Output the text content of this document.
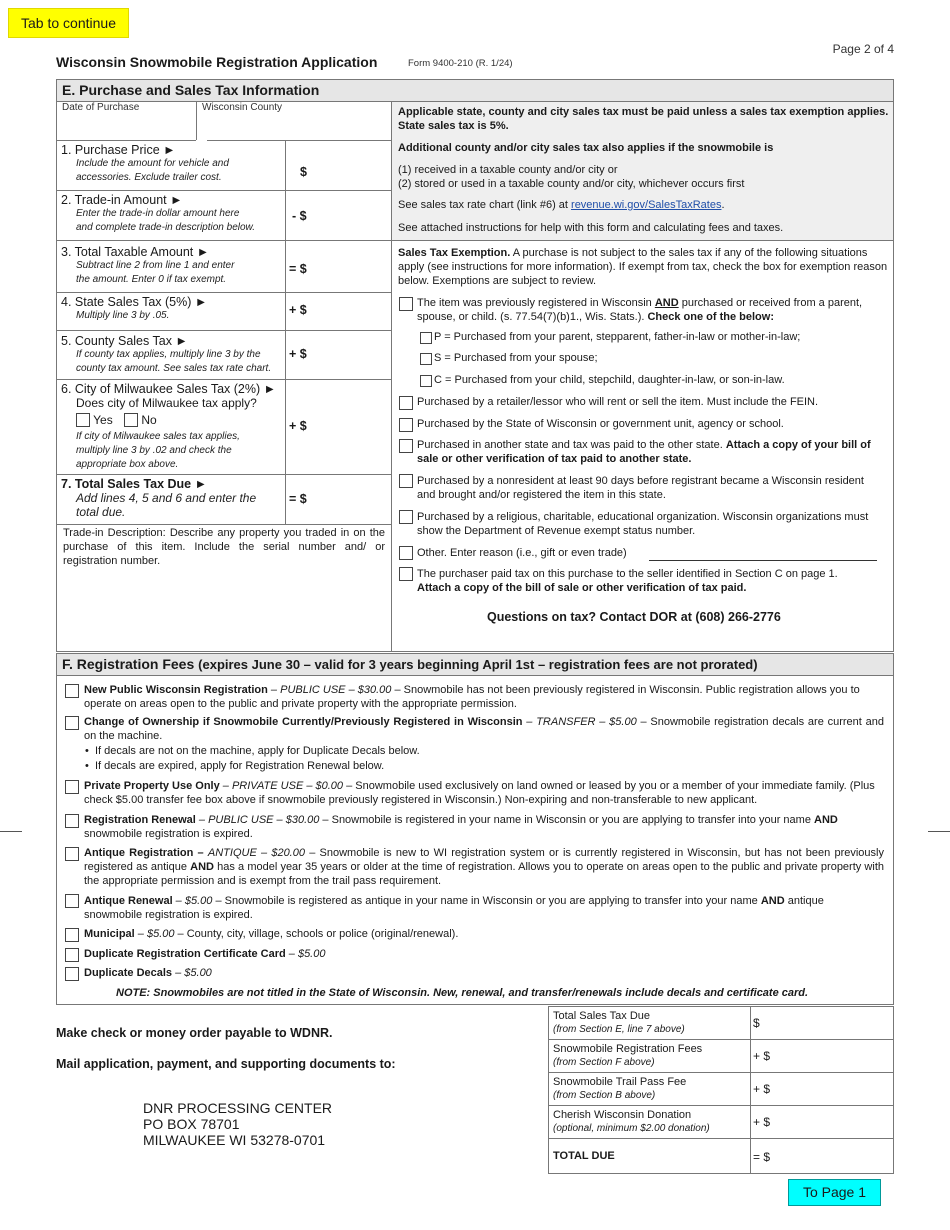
Tab to continue
Page 2 of 4
Wisconsin Snowmobile Registration Application	Form 9400-210 (R. 1/24)
E. Purchase and Sales Tax Information
Date of Purchase	Wisconsin County
1. Purchase Price ►
Include the amount for vehicle and
accessories. Exclude trailer cost.	$
2. Trade-in Amount ►
Enter the trade-in dollar amount here
and complete trade-in description below.
- $
3. Total Taxable Amount ►
Subtract line 2 from line 1 and enter
the amount. Enter 0 if tax exempt.
= $
4. State Sales Tax (5%) ►
Multiply line 3 by .05.	+ $
5. County Sales Tax ►
If county tax applies, multiply line 3 by the
county tax amount. See sales tax rate chart.
+ $
6. City of Milwaukee Sales Tax (2%) ►
Does city of Milwaukee tax apply?
Yes No
If city of Milwaukee sales tax applies,
multiply line 3 by .02 and check the
appropriate box above.
+ $
7. Total Sales Tax Due ►
Add lines 4, 5 and 6 and enter the
total due.
= $
Trade-in Description: Describe any property you traded in on the purchase of this item. Include the serial number and/ or registration number.

Applicable state, county and city sales tax must be paid unless a sales tax exemption applies. State sales tax is 5%.

Additional county and/or city sales tax also applies if the snowmobile is

(1) received in a taxable county and/or city or

(2) stored or used in a taxable county and/or city, whichever occurs first

See sales tax rate chart (link #6) at revenue.wi.gov/SalesTaxRates.

See attached instructions for help with this form and calculating fees and taxes.

Sales Tax Exemption. A purchase is not subject to the sales tax if any of the following situations apply (see instructions for more information). If exempt from tax, check the box for exemption reason below. Exemptions are subject to review.
The item was previously registered in Wisconsin AND purchased or received from a parent, spouse, or child. (s. 77.54(7)(b)1., Wis. Stats.). Check one of the below:
P = Purchased from your parent, stepparent, father-in-law or mother-in-law;
S = Purchased from your spouse;
C = Purchased from your child, stepchild, daughter-in-law, or son-in-law.
Purchased by a retailer/lessor who will rent or sell the item. Must include the FEIN.
Purchased by the State of Wisconsin or government unit, agency or school.
Purchased in another state and tax was paid to the other state. Attach a copy of your bill of sale or other verification of tax paid to another state.
Purchased by a nonresident at least 90 days before registrant became a Wisconsin resident and brought and/or registered the item in this state.
Purchased by a religious, charitable, educational organization. Wisconsin organizations must show the Department of Revenue exempt status number.
Other. Enter reason (i.e., gift or even trade)
The purchaser paid tax on this purchase to the seller identified in Section C on page 1.
Attach a copy of the bill of sale or other verification of tax paid.
Questions on tax? Contact DOR at (608) 266-2776
F. Registration Fees (expires June 30 – valid for 3 years beginning April 1st – registration fees are not prorated)
New Public Wisconsin Registration – PUBLIC USE – $30.00 – Snowmobile has not been previously registered in Wisconsin. Public registration allows you to operate on areas open to the public and private property with the appropriate permission.
Change of Ownership if Snowmobile Currently/Previously Registered in Wisconsin – TRANSFER – $5.00 – Snowmobile registration decals are current and on the machine.
•  If decals are not on the machine, apply for Duplicate Decals below.
•  If decals are expired, apply for Registration Renewal below.
Private Property Use Only – PRIVATE USE – $0.00 – Snowmobile used exclusively on land owned or leased by you or a member of your immediate family. (Plus check $5.00 transfer fee box above if snowmobile previously registered in Wisconsin.) Non-expiring and non-transferable to new applicant.
Registration Renewal – PUBLIC USE – $30.00 – Snowmobile is registered in your name in Wisconsin or you are applying to transfer into your name AND snowmobile registration is expired.
Antique Registration – ANTIQUE – $20.00 – Snowmobile is new to WI registration system or is currently registered in Wisconsin, but has not been previously registered as antique AND has a model year 35 years or older at the time of registration. Allows you to operate on areas open to the public and private property with the appropriate permission and is exempt from the trail pass requirement.
Antique Renewal – $5.00 – Snowmobile is registered as antique in your name in Wisconsin or you are applying to transfer into your name AND antique snowmobile registration is expired.
Municipal – $5.00 – County, city, village, schools or police (original/renewal).
Duplicate Registration Certificate Card – $5.00
Duplicate Decals – $5.00
NOTE: Snowmobiles are not titled in the State of Wisconsin. New, renewal, and transfer/renewals include decals and certificate card.
Make check or money order payable to WDNR.
Mail application, payment, and supporting documents to:
DNR PROCESSING CENTER
PO BOX 78701
MILWAUKEE WI 53278-0701
Total Sales Tax Due
(from Section E, line 7 above)	$
Snowmobile Registration Fees
(from Section F above)	+ $
Snowmobile Trail Pass Fee
(from Section B above)	+ $
Cherish Wisconsin Donation
(optional, minimum $2.00 donation)	+ $
TOTAL DUE	= $
To Page 1
